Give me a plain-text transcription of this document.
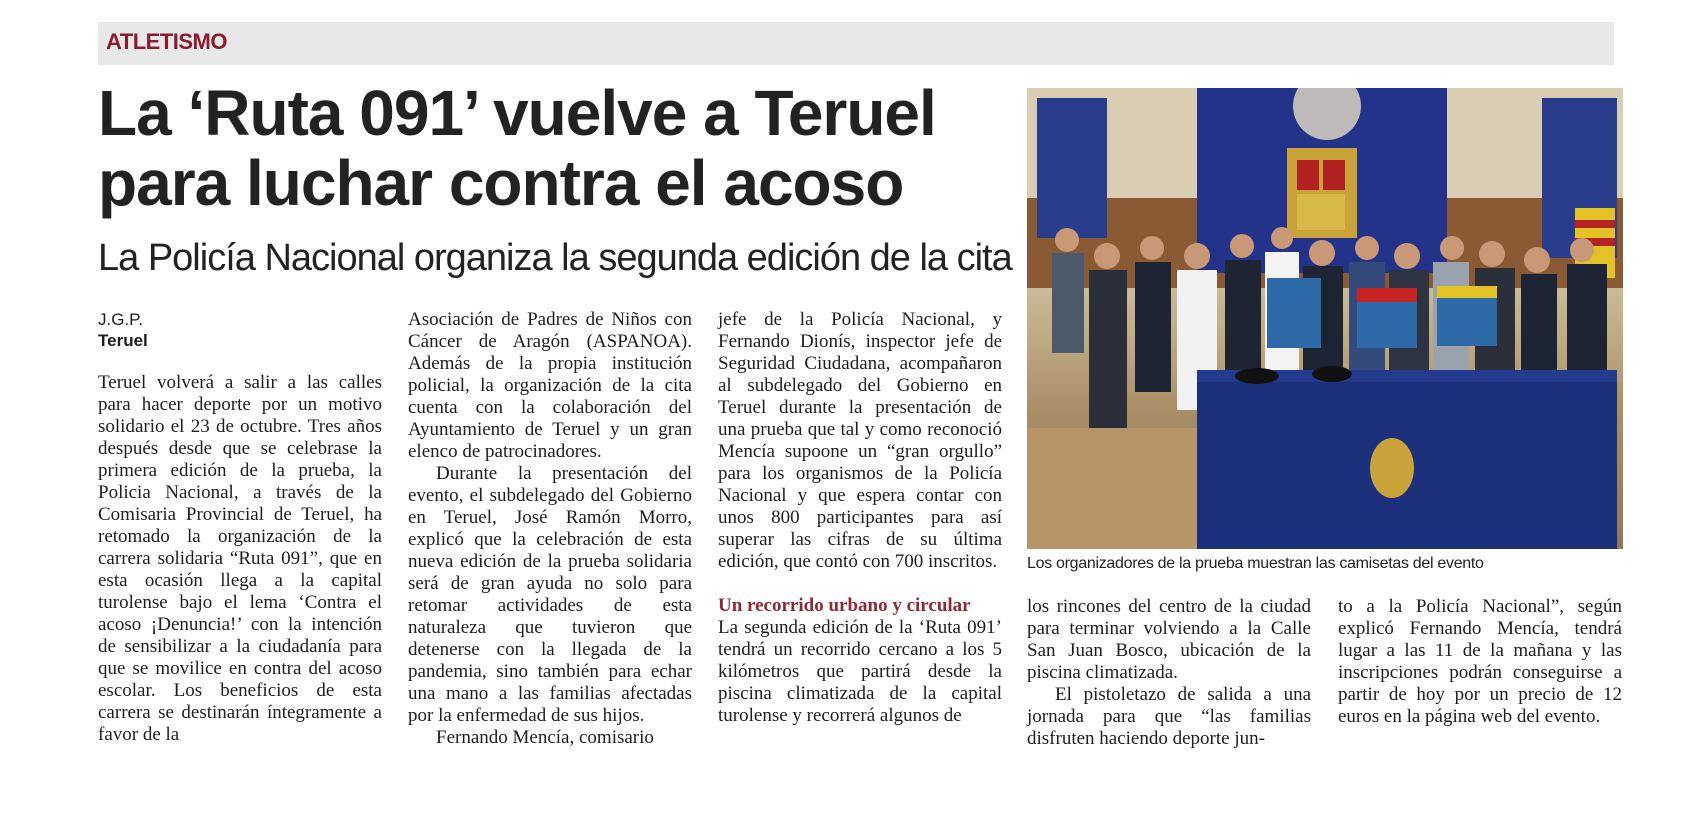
ATLETISMO
La ‘Ruta 091’ vuelve a Teruel para luchar contra el acoso
La Policía Nacional organiza la segunda edición de la cita

J.G.P.

Teruel

Teruel volverá a salir a las calles para hacer deporte por un motivo solidario el 23 de octubre. Tres años después desde que se celebrase la primera edición de la prueba, la Policia Nacional, a través de la Comisaria Provincial de Teruel, ha retomado la organización de la carrera solidaria “Ruta 091”, que en esta ocasión llega a la capital turolense bajo el lema ‘Contra el acoso ¡Denuncia!’ con la intención de sensibilizar a la ciudadanía para que se movilice en contra del acoso escolar. Los beneficios de esta carrera se destinarán íntegramente a favor de la

Asociación de Padres de Niños con Cáncer de Aragón (ASPANOA). Además de la propia institución policial, la organización de la cita cuenta con la colaboración del Ayuntamiento de Teruel y un gran elenco de patrocinadores.

Durante la presentación del evento, el subdelegado del Gobierno en Teruel, José Ramón Morro, explicó que la celebración de esta nueva edición de la prueba solidaria será de gran ayuda no solo para retomar actividades de esta naturaleza que tuvieron que detenerse con la llegada de la pandemia, sino también para echar una mano a las familias afectadas por la enfermedad de sus hijos.

Fernando Mencía, comisario

jefe de la Policía Nacional, y Fernando Dionís, inspector jefe de Seguridad Ciudadana, acompañaron al subdelegado del Gobierno en Teruel durante la presentación de una prueba que tal y como reconoció Mencía supoone un “gran orgullo” para los organismos de la Policía Nacional y que espera contar con unos 800 participantes para así superar las cifras de su última edición, que contó con 700 inscritos.

Un recorrido urbano y circular

La segunda edición de la ‘Ruta 091’ tendrá un recorrido cercano a los 5 kilómetros que partirá desde la piscina climatizada de la capital turolense y recorrerá algunos de

Los organizadores de la prueba muestran las camisetas del evento

los rincones del centro de la ciudad para terminar volviendo a la Calle San Juan Bosco, ubicación de la piscina climatizada.

El pistoletazo de salida a una jornada para que “las familias disfruten haciendo deporte jun-

to a la Policía Nacional”, según explicó Fernando Mencía, tendrá lugar a las 11 de la mañana y las inscripciones podrán conseguirse a partir de hoy por un precio de 12 euros en la página web del evento.
